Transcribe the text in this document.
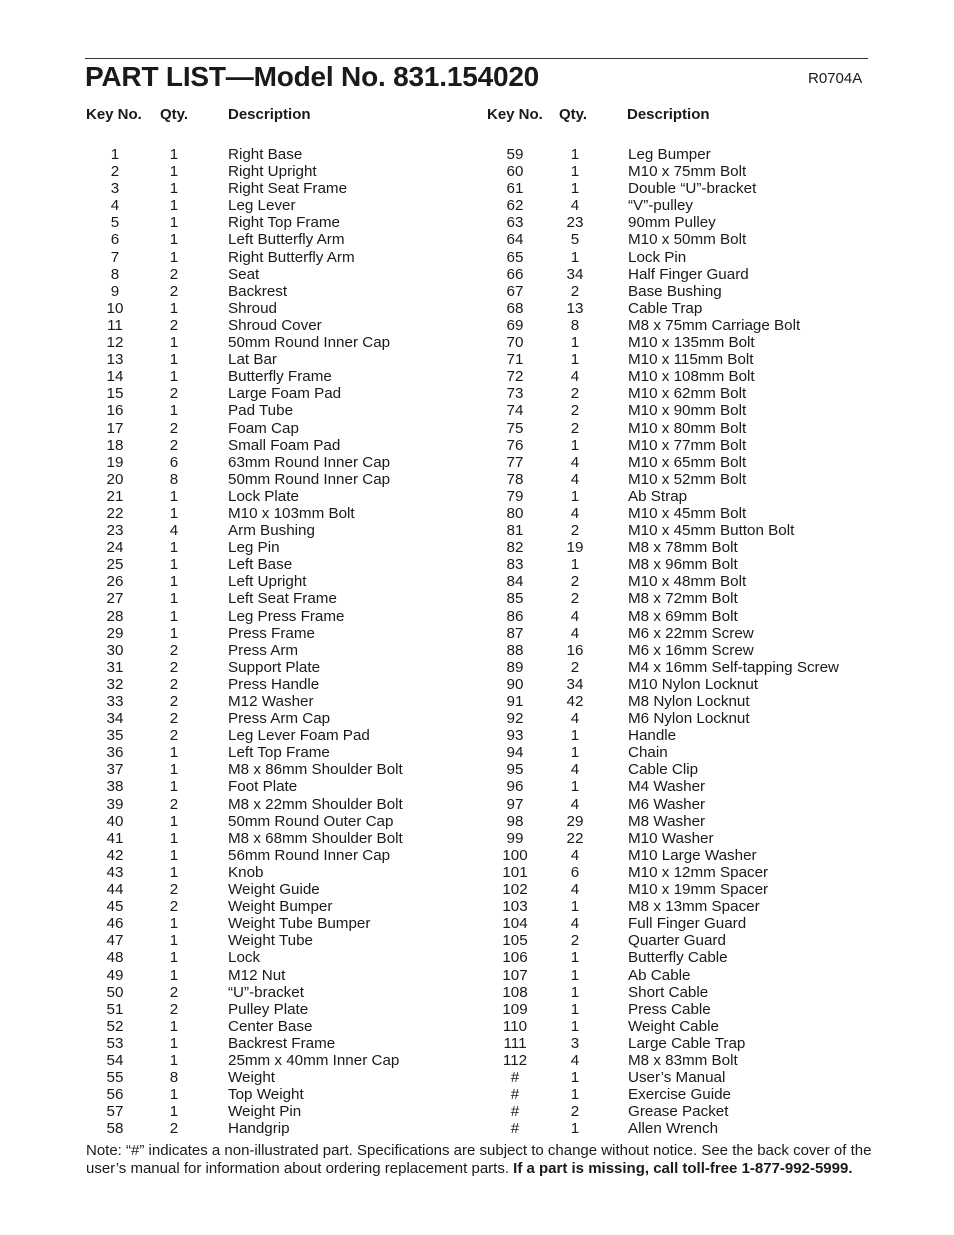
PART LIST—Model No. 831.154020	R0704A
Key No. Qty.	Description
1	1	Right Base
2	1	Right Upright
3	1	Right Seat Frame
4	1	Leg Lever
5	1	Right Top Frame
6	1	Left Butterfly Arm
7	1	Right Butterfly Arm
8	2	Seat
9	2	Backrest
10	1	Shroud
11	2	Shroud Cover
12	1	50mm Round Inner Cap
13	1	Lat Bar
14	1	Butterfly Frame
15	2	Large Foam Pad
16	1	Pad Tube
17	2	Foam Cap
18	2	Small Foam Pad
19	6	63mm Round Inner Cap
20	8	50mm Round Inner Cap
21	1	Lock Plate
22	1	M10 x 103mm Bolt
23	4	Arm Bushing
24	1	Leg Pin
25	1	Left Base
26	1	Left Upright
27	1	Left Seat Frame
28	1	Leg Press Frame
29	1	Press Frame
30	2	Press Arm
31	2	Support Plate
32	2	Press Handle
33	2	M12 Washer
34	2	Press Arm Cap
35	2	Leg Lever Foam Pad
36	1	Left Top Frame
37	1	M8 x 86mm Shoulder Bolt
38	1	Foot Plate
39	2	M8 x 22mm Shoulder Bolt
40	1	50mm Round Outer Cap
41	1	M8 x 68mm Shoulder Bolt
42	1	56mm Round Inner Cap
43	1	Knob
44	2	Weight Guide
45	2	Weight Bumper
46	1	Weight Tube Bumper
47	1	Weight Tube
48	1	Lock
49	1	M12 Nut
50	2	“U”-bracket
51	2	Pulley Plate
52	1	Center Base
53	1	Backrest Frame
54	1	25mm x 40mm Inner Cap
55	8	Weight
56	1	Top Weight
57	1	Weight Pin
58	2	Handgrip
Key No. Qty.	Description
59	1	Leg Bumper
60	1	M10 x 75mm Bolt
61	1	Double “U”-bracket
62	4	“V”-pulley
63	23	90mm Pulley
64	5	M10 x 50mm Bolt
65	1	Lock Pin
66	34	Half Finger Guard
67	2	Base Bushing
68	13	Cable Trap
69	8	M8 x 75mm Carriage Bolt
70	1	M10 x 135mm Bolt
71	1	M10 x 115mm Bolt
72	4	M10 x 108mm Bolt
73	2	M10 x 62mm Bolt
74	2	M10 x 90mm Bolt
75	2	M10 x 80mm Bolt
76	1	M10 x 77mm Bolt
77	4	M10 x 65mm Bolt
78	4	M10 x 52mm Bolt
79	1	Ab Strap
80	4	M10 x 45mm Bolt
81	2	M10 x 45mm Button Bolt
82	19	M8 x 78mm Bolt
83	1	M8 x 96mm Bolt
84	2	M10 x 48mm Bolt
85	2	M8 x 72mm Bolt
86	4	M8 x 69mm Bolt
87	4	M6 x 22mm Screw
88	16	M6 x 16mm Screw
89	2	M4 x 16mm Self-tapping Screw
90	34	M10 Nylon Locknut
91	42	M8 Nylon Locknut
92	4	M6 Nylon Locknut
93	1	Handle
94	1	Chain
95	4	Cable Clip
96	1	M4 Washer
97	4	M6 Washer
98	29	M8 Washer
99	22	M10 Washer
100	4	M10 Large Washer
101	6	M10 x 12mm Spacer
102	4	M10 x 19mm Spacer
103	1	M8 x 13mm Spacer
104	4	Full Finger Guard
105	2	Quarter Guard
106	1	Butterfly Cable
107	1	Ab Cable
108	1	Short Cable
109	1	Press Cable
110	1	Weight Cable
111	3	Large Cable Trap
112	4	M8 x 83mm Bolt
#	1	User’s Manual
#	1	Exercise Guide
#	2	Grease Packet
#	1	Allen Wrench
Note: “#” indicates a non-illustrated part. Specifications are subject to change without notice. See the back cover of the user’s manual for information about ordering replacement parts. If a part is missing, call toll-free 1-877-992-5999.
